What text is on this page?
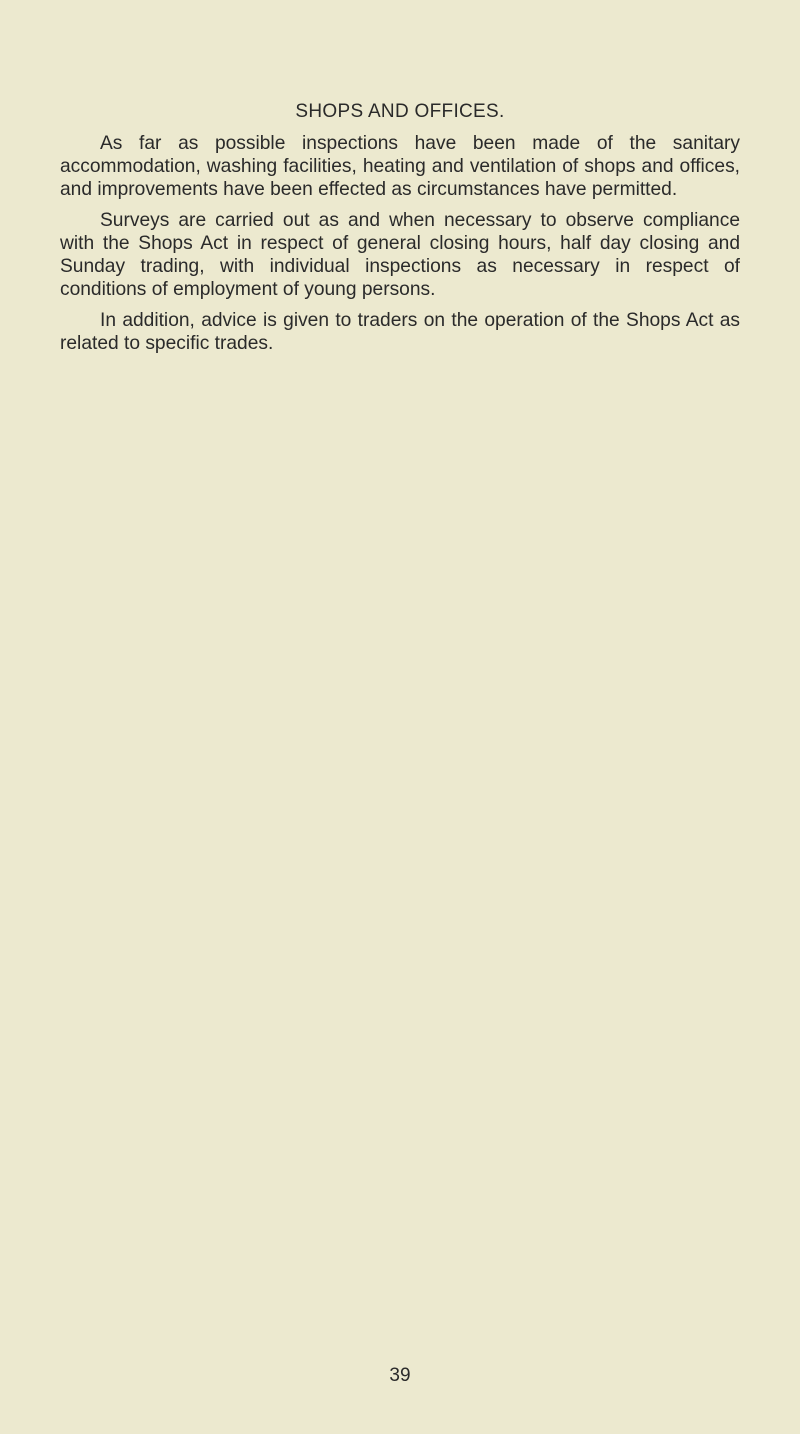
SHOPS AND OFFICES.

As far as possible inspections have been made of the sanitary accommodation, washing facilities, heating and ventilation of shops and offices, and improvements have been effected as circumstances have permitted.

Surveys are carried out as and when necessary to observe compliance with the Shops Act in respect of general closing hours, half day closing and Sunday trading, with individual inspections as necessary in respect of conditions of employment of young persons.

In addition, advice is given to traders on the operation of the Shops Act as related to specific trades.

39
